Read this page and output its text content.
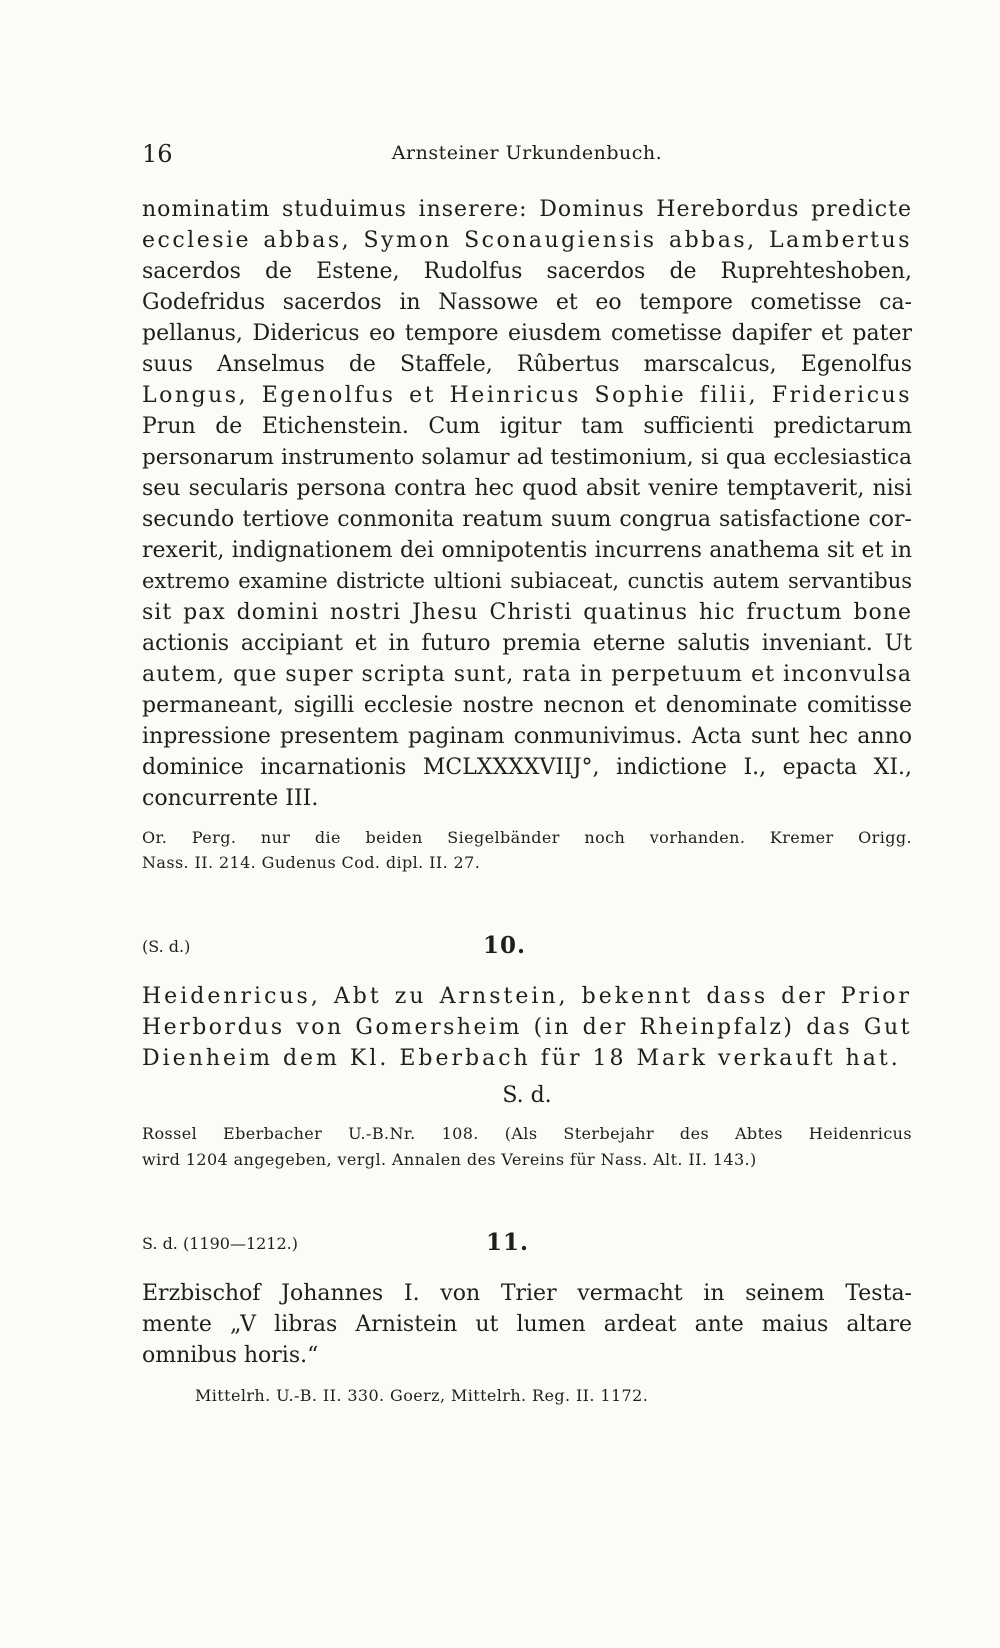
16	Arnsteiner Urkundenbuch.
nominatim studuimus inserere: Dominus Herebordus predicte
ecclesie abbas, Symon Sconaugiensis abbas, Lambertus
sacerdos de Estene, Rudolfus sacerdos de Ruprehteshoben,
Godefridus sacerdos in Nassowe et eo tempore cometisse ca-
pellanus, Didericus eo tempore eiusdem cometisse dapifer et pater
suus Anselmus de Staffele, Rûbertus marscalcus, Egenolfus
Longus, Egenolfus et Heinricus Sophie filii, Fridericus
Prun de Etichenstein. Cum igitur tam sufficienti predictarum
personarum instrumento solamur ad testimonium, si qua ecclesiastica
seu secularis persona contra hec quod absit venire temptaverit, nisi
secundo tertiove conmonita reatum suum congrua satisfactione cor-
rexerit, indignationem dei omnipotentis incurrens anathema sit et in
extremo examine districte ultioni subiaceat, cunctis autem servantibus
sit pax domini nostri Jhesu Christi quatinus hic fructum bone
actionis accipiant et in futuro premia eterne salutis inveniant. Ut
autem, que super scripta sunt, rata in perpetuum et inconvulsa
permaneant, sigilli ecclesie nostre necnon et denominate comitisse
inpressione presentem paginam conmunivimus. Acta sunt hec anno
dominice incarnationis MCLXXXXVIIJ°, indictione I., epacta XI.,
concurrente III.
Or. Perg. nur die beiden Siegelbänder noch vorhanden. Kremer Origg.
Nass. II. 214. Gudenus Cod. dipl. II. 27.
(S. d.)	10.
Heidenricus, Abt zu Arnstein, bekennt dass der Prior
Herbordus von Gomersheim (in der Rheinpfalz) das Gut
Dienheim dem Kl. Eberbach für 18 Mark verkauft hat.
S. d.
Rossel Eberbacher U.-B.Nr. 108. (Als Sterbejahr des Abtes Heidenricus
wird 1204 angegeben, vergl. Annalen des Vereins für Nass. Alt. II. 143.)
S. d. (1190—1212.)	11.
Erzbischof Johannes I. von Trier vermacht in seinem Testa-
mente „V libras Arnistein ut lumen ardeat ante maius altare
omnibus horis.“
Mittelrh. U.-B. II. 330. Goerz, Mittelrh. Reg. II. 1172.
